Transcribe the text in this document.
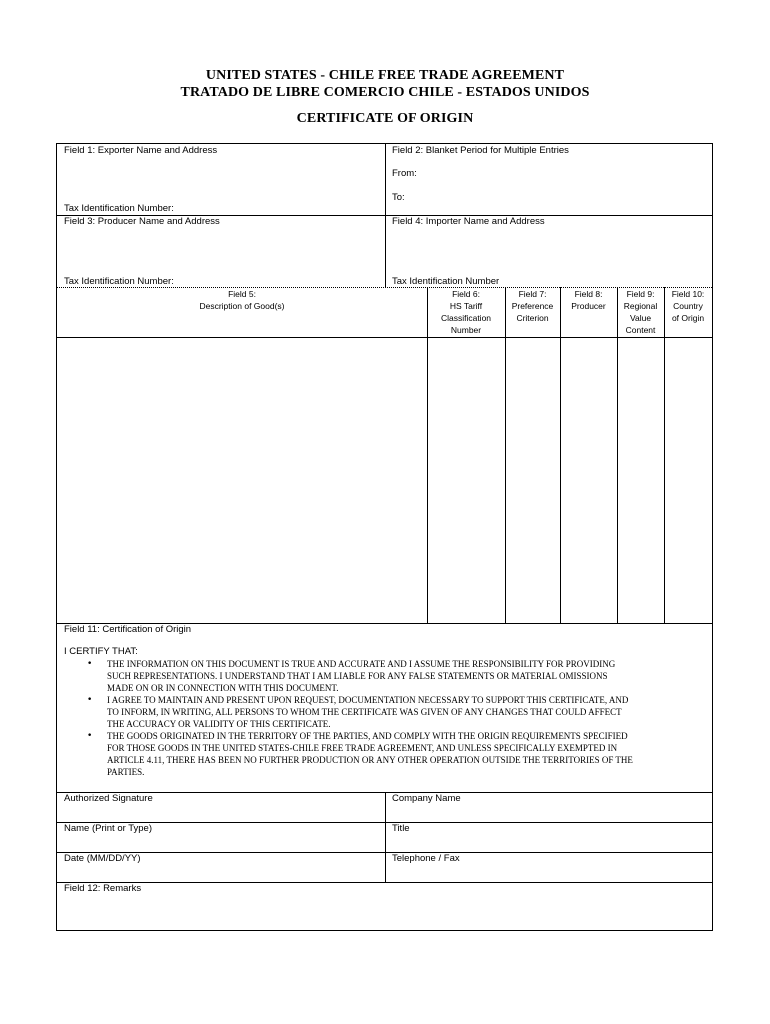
UNITED STATES - CHILE FREE TRADE AGREEMENT
TRATADO DE LIBRE COMERCIO CHILE - ESTADOS UNIDOS
CERTIFICATE OF ORIGIN
Field 1: Exporter Name and Address
Tax Identification Number:
Field 2: Blanket Period for Multiple Entries
From:
To:
Field 3: Producer Name and Address
Tax Identification Number:
Field 4: Importer Name and Address
Tax Identification Number
Field 5:
Description of Good(s)
Field 6:
HS Tariff
Classification
Number
Field 7:
Preference
Criterion
Field 8:
Producer
Field 9:
Regional
Value
Content
Field 10:
Country
of Origin
Field 11: Certification of Origin
I CERTIFY THAT:
• THE INFORMATION ON THIS DOCUMENT IS TRUE AND ACCURATE AND I ASSUME THE RESPONSIBILITY FOR PROVIDING
SUCH REPRESENTATIONS. I UNDERSTAND THAT I AM LIABLE FOR ANY FALSE STATEMENTS OR MATERIAL OMISSIONS
MADE ON OR IN CONNECTION WITH THIS DOCUMENT.
• I AGREE TO MAINTAIN AND PRESENT UPON REQUEST, DOCUMENTATION NECESSARY TO SUPPORT THIS CERTIFICATE, AND
TO INFORM, IN WRITING, ALL PERSONS TO WHOM THE CERTIFICATE WAS GIVEN OF ANY CHANGES THAT COULD AFFECT
THE ACCURACY OR VALIDITY OF THIS CERTIFICATE.
• THE GOODS ORIGINATED IN THE TERRITORY OF THE PARTIES, AND COMPLY WITH THE ORIGIN REQUIREMENTS SPECIFIED
FOR THOSE GOODS IN THE UNITED STATES-CHILE FREE TRADE AGREEMENT, AND UNLESS SPECIFICALLY EXEMPTED IN
ARTICLE 4.11, THERE HAS BEEN NO FURTHER PRODUCTION OR ANY OTHER OPERATION OUTSIDE THE TERRITORIES OF THE
PARTIES.
Authorized Signature	Company Name
Name (Print or Type)	Title
Date (MM/DD/YY)	Telephone / Fax
Field 12: Remarks
